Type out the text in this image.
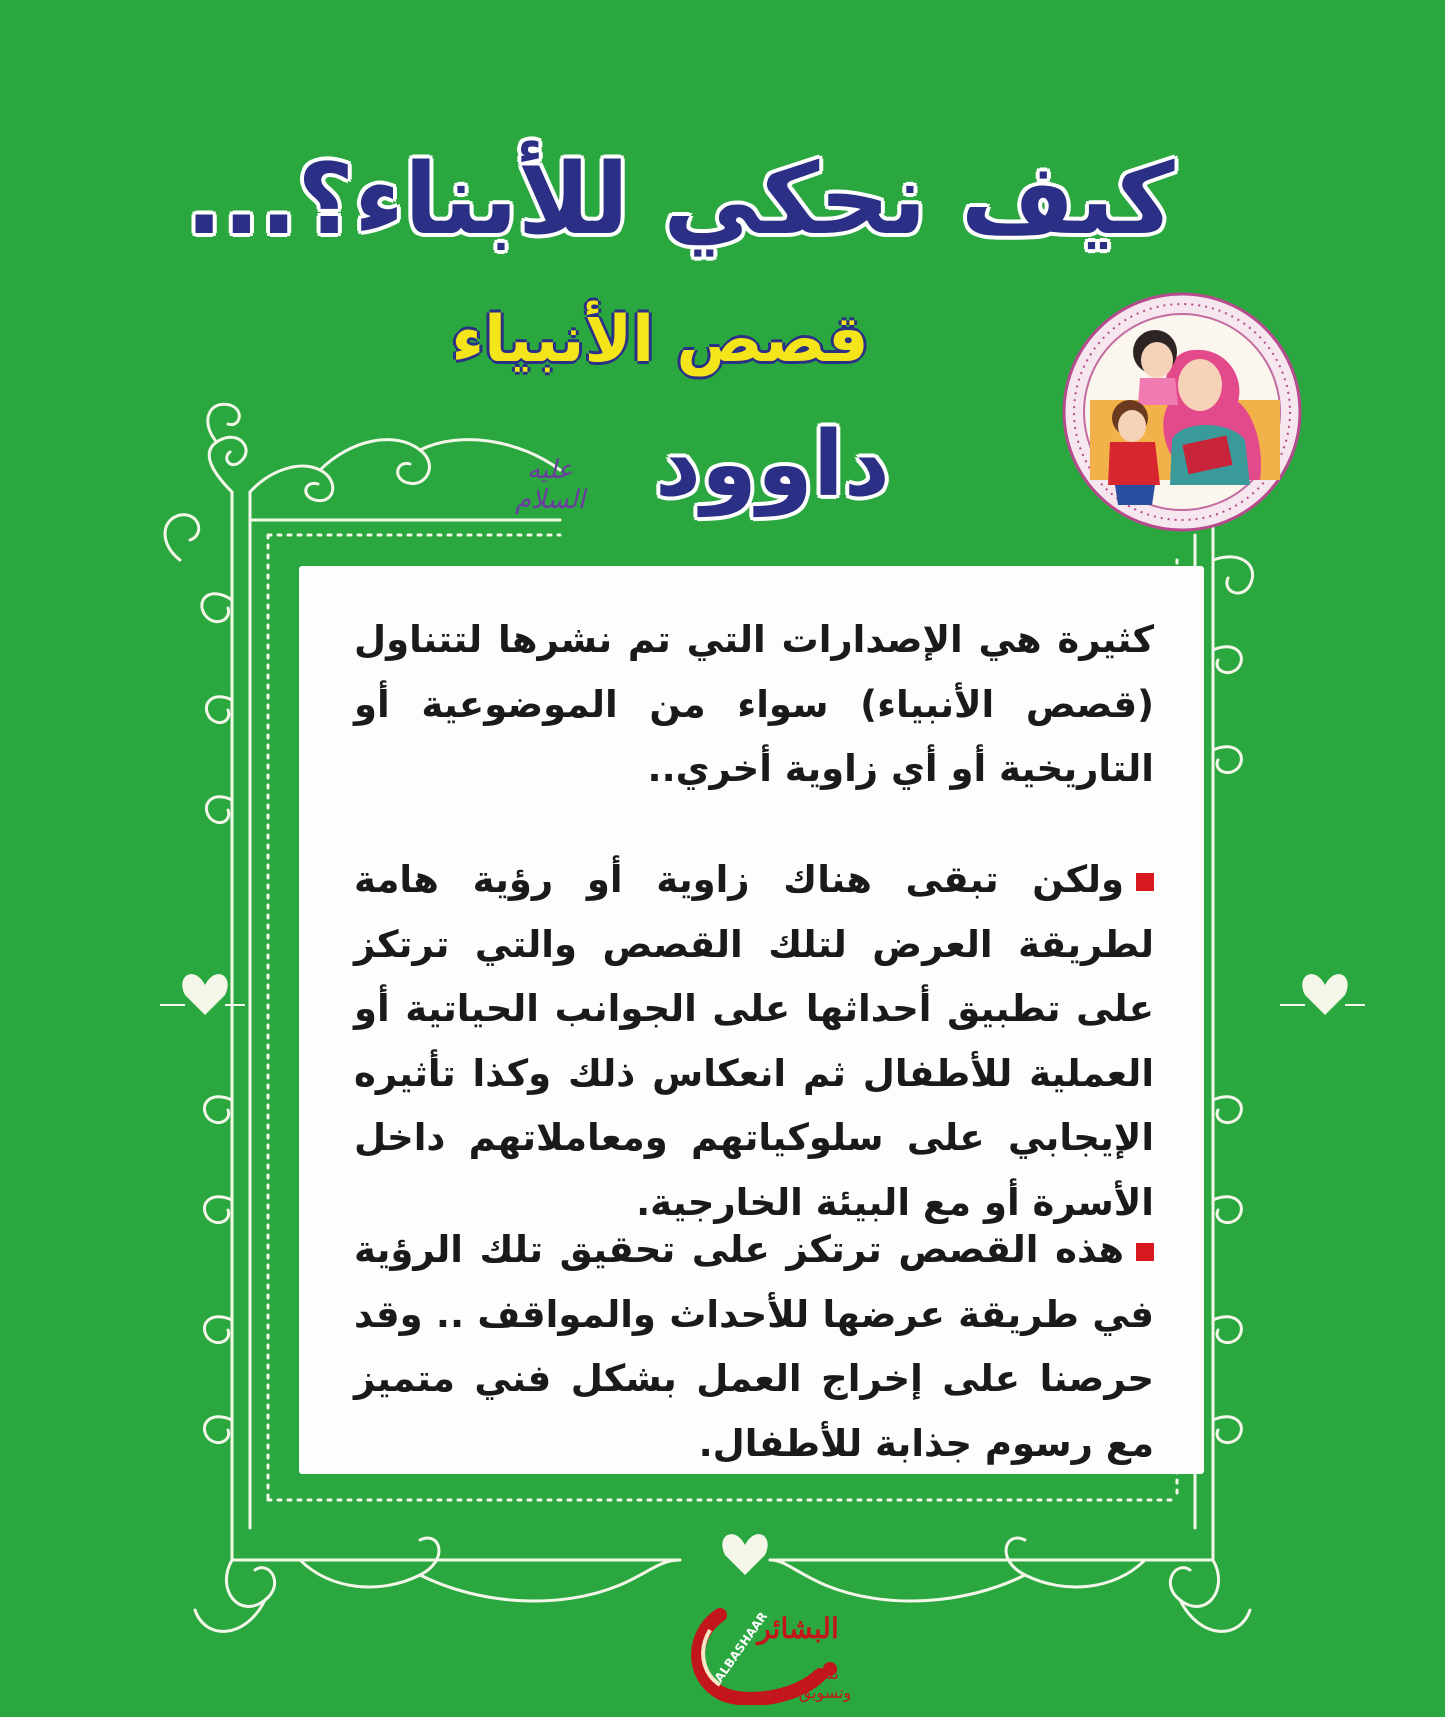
كيف نحكي للأبناء؟...
قصص الأنبياء
داوود
عليه السلام
كثيرة هي الإصدارات التي تم نشرها لتتناول (قصص الأنبياء) سواء من الموضوعية أو التاريخية أو أي زاوية أخري..
ولكن تبقى هناك زاوية أو رؤية هامة لطريقة العرض لتلك القصص والتي ترتكز على تطبيق أحداثها على الجوانب الحياتية أو العملية للأطفال ثم انعكاس ذلك وكذا تأثيره الإيجابي على سلوكياتهم ومعاملاتهم داخل الأسرة أو مع البيئة الخارجية.
هذه القصص ترتكز على تحقيق تلك الرؤية في طريقة عرضها للأحداث والمواقف .. وقد حرصنا على إخراج العمل بشكل فني متميز مع رسوم جذابة للأطفال.
البشائر
ALBASHAAR	نشر وتسويق
